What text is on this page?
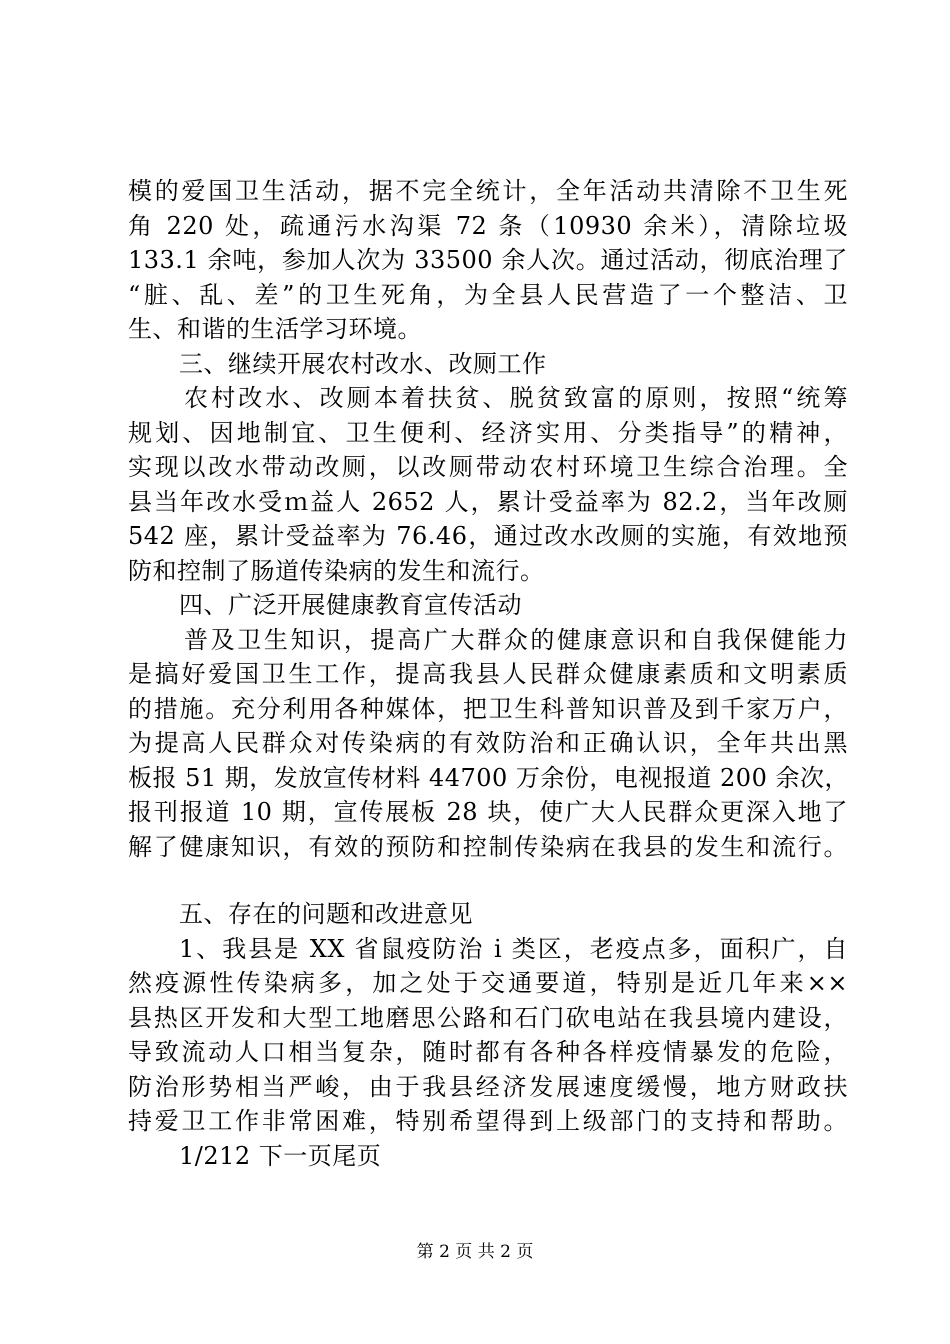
模的爱国卫生活动，据不完全统计，全年活动共清除不卫生死
角 220 处，疏通污水沟渠 72 条（10930 余米），清除垃圾
133.1 余吨，参加人次为 33500 余人次。通过活动，彻底治理了
“脏、乱、差”的卫生死角，为全县人民营造了一个整洁、卫
生、和谐的生活学习环境。
三、继续开展农村改水、改厕工作
农村改水、改厕本着扶贫、脱贫致富的原则，按照“统筹
规划、因地制宜、卫生便利、经济实用、分类指导”的精神，
实现以改水带动改厕，以改厕带动农村环境卫生综合治理。全
县当年改水受ｍ益人 2652 人，累计受益率为 82.2，当年改厕
542 座，累计受益率为 76.46，通过改水改厕的实施，有效地预
防和控制了肠道传染病的发生和流行。
四、广泛开展健康教育宣传活动
普及卫生知识，提高广大群众的健康意识和自我保健能力
是搞好爱国卫生工作，提高我县人民群众健康素质和文明素质
的措施。充分利用各种媒体，把卫生科普知识普及到千家万户，
为提高人民群众对传染病的有效防治和正确认识，全年共出黑
板报 51 期，发放宣传材料 44700 万余份，电视报道 200 余次，
报刊报道 10 期，宣传展板 28 块，使广大人民群众更深入地了
解了健康知识，有效的预防和控制传染病在我县的发生和流行。
五、存在的问题和改进意见
1、我县是 XX 省鼠疫防治 i 类区，老疫点多，面积广，自
然疫源性传染病多，加之处于交通要道，特别是近几年来××
县热区开发和大型工地磨思公路和石门砍电站在我县境内建设，
导致流动人口相当复杂，随时都有各种各样疫情暴发的危险，
防治形势相当严峻，由于我县经济发展速度缓慢，地方财政扶
持爱卫工作非常困难，特别希望得到上级部门的支持和帮助。
1/212 下一页尾页
第 2 页 共 2 页
